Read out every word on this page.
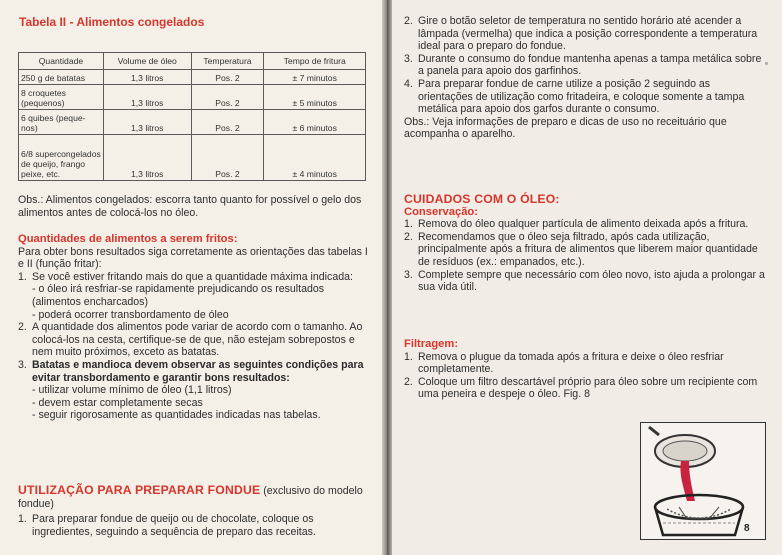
Tabela II - Alimentos congelados
Quantidade	Volume de óleo	Temperatura	Tempo de fritura
250 g de batatas	1,3 litros	Pos. 2	± 7 minutos
8 croquetes (pequenos)	1,3 litros	Pos. 2	± 5 minutos
6 quibes (peque-nos)	1,3 litros	Pos. 2	± 6 minutos
6/8 supercongelados de queijo, frango peixe, etc.	1,3 litros	Pos. 2	± 4 minutos
Obs.: Alimentos congelados: escorra tanto quanto for possível o gelo dos alimentos antes de colocá-los no óleo.
Quantidades de alimentos a serem fritos:
Para obter bons resultados siga corretamente as orientações das tabelas I e II (função fritar):
1. Se você estiver fritando mais do que a quantidade máxima indicada:
- o óleo irá resfriar-se rapidamente prejudicando os resultados (alimentos encharcados)
- poderá ocorrer transbordamento de óleo
2. A quantidade dos alimentos pode variar de acordo com o tamanho. Ao colocá-los na cesta, certifique-se de que, não estejam sobrepostos e nem muito próximos, exceto as batatas.
3. Batatas e mandioca devem observar as seguintes condições para evitar transbordamento e garantir bons resultados:
- utilizar volume mínimo de óleo (1,1 litros)
- devem estar completamente secas
- seguir rigorosamente as quantidades indicadas nas tabelas.
UTILIZAÇÃO PARA PREPARAR FONDUE (exclusivo do modelo fondue)
1. Para preparar fondue de queijo ou de chocolate, coloque os ingredientes, seguindo a sequência de preparo das receitas.
2. Gire o botão seletor de temperatura no sentido horário até acender a lâmpada (vermelha) que indica a posição correspondente a temperatura ideal para o preparo do fondue.
3. Durante o consumo do fondue mantenha apenas a tampa metálica sobre a panela para apoio dos garfinhos.
4. Para preparar fondue de carne utilize a posição 2 seguindo as orientações de utilização como fritadeira, e coloque somente a tampa metálica para apoio dos garfos durante o consumo.
Obs.: Veja informações de preparo e dicas de uso no receituário que acompanha o aparelho.
CUIDADOS COM O ÓLEO:
Conservação:
1. Remova do óleo qualquer partícula de alimento deixada após a fritura.
2. Recomendamos que o óleo seja filtrado, após cada utilização, principalmente após a fritura de alimentos que liberem maior quantidade de resíduos (ex.: empanados, etc.).
3. Complete sempre que necessário com óleo novo, isto ajuda a prolongar a sua vida útil.
Filtragem:
1. Remova o plugue da tomada após a fritura e deixe o óleo resfriar completamente.
2. Coloque um filtro descartável próprio para óleo sobre um recipiente com uma peneira e despeje o óleo. Fig. 8
8
